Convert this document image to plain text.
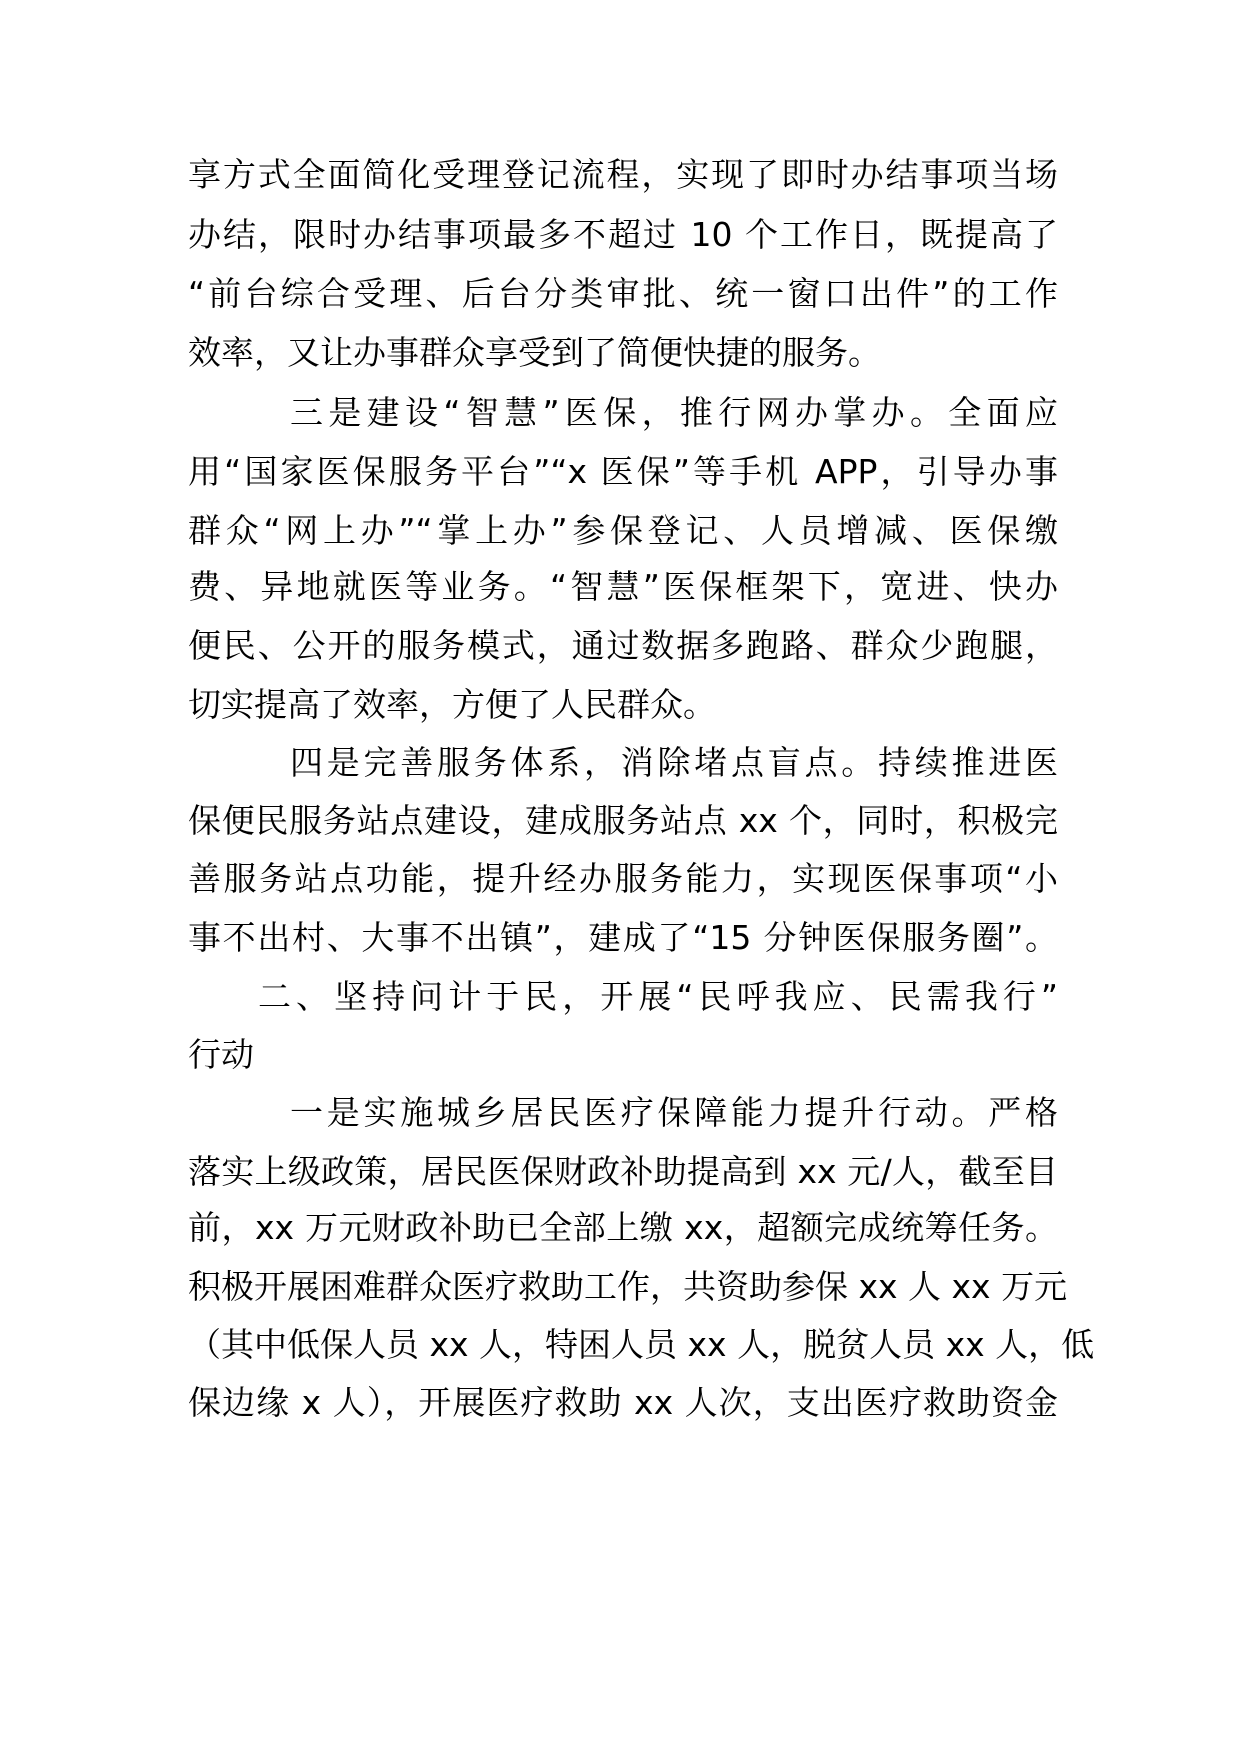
享方式全面简化受理登记流程，实现了即时办结事项当场
办结，限时办结事项最多不超过 10 个工作日，既提高了
“前台综合受理、后台分类审批、统一窗口出件”的工作
效率，又让办事群众享受到了简便快捷的服务。
三是建设“智慧”医保，推行网办掌办。全面应
用“国家医保服务平台”“x 医保”等手机 APP，引导办事
群众“网上办”“掌上办”参保登记、人员增减、医保缴
费、异地就医等业务。“智慧”医保框架下，宽进、快办
便民、公开的服务模式，通过数据多跑路、群众少跑腿，
切实提高了效率，方便了人民群众。
四是完善服务体系，消除堵点盲点。持续推进医
保便民服务站点建设，建成服务站点 xx 个，同时，积极完
善服务站点功能，提升经办服务能力，实现医保事项“小
事不出村、大事不出镇”，建成了“15 分钟医保服务圈”。
二、坚持问计于民，开展“民呼我应、民需我行”
行动
一是实施城乡居民医疗保障能力提升行动。严格
落实上级政策，居民医保财政补助提高到 xx 元/人，截至目
前，xx 万元财政补助已全部上缴 xx，超额完成统筹任务。
积极开展困难群众医疗救助工作，共资助参保 xx 人 xx 万元
（其中低保人员 xx 人，特困人员 xx 人，脱贫人员 xx 人，低
保边缘 x 人），开展医疗救助 xx 人次，支出医疗救助资金
